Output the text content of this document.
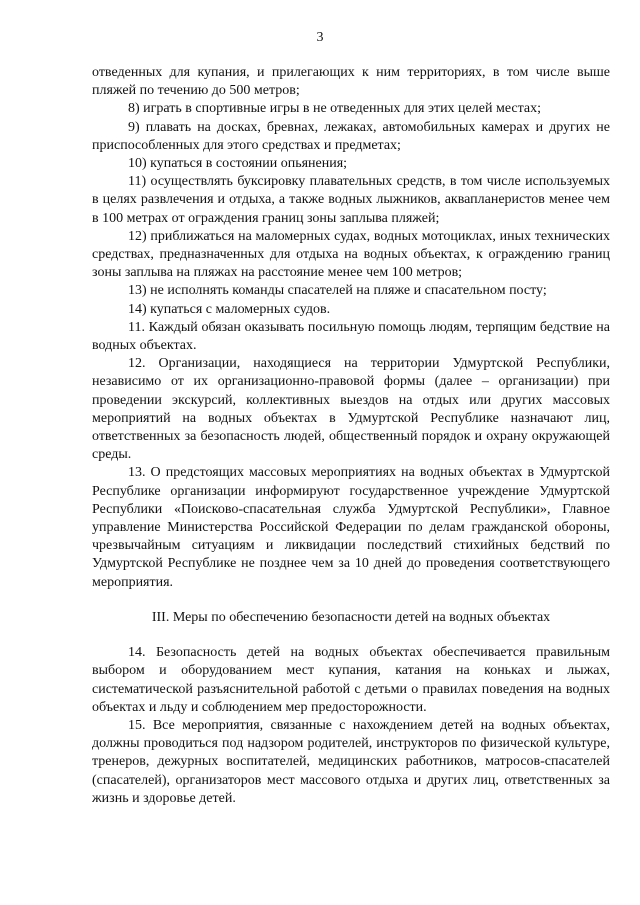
3

отведенных для купания, и прилегающих к ним территориях, в том числе выше пляжей по течению до 500 метров;

8) играть в спортивные игры в не отведенных для этих целей местах;

9) плавать на досках, бревнах, лежаках, автомобильных камерах и других не приспособленных для этого средствах и предметах;

10) купаться в состоянии опьянения;

11) осуществлять буксировку плавательных средств, в том числе используемых в целях развлечения и отдыха, а также водных лыжников, аквапланеристов менее чем в 100 метрах от ограждения границ зоны заплыва пляжей;

12) приближаться на маломерных судах, водных мотоциклах, иных технических средствах, предназначенных для отдыха на водных объектах, к ограждению границ зоны заплыва на пляжах на расстояние менее чем 100 метров;

13) не исполнять команды спасателей на пляже и спасательном посту;

14) купаться с маломерных судов.

11. Каждый обязан оказывать посильную помощь людям, терпящим бедствие на водных объектах.

12. Организации, находящиеся на территории Удмуртской Республики, независимо от их организационно-правовой формы (далее – организации) при проведении экскурсий, коллективных выездов на отдых или других массовых мероприятий на водных объектах в Удмуртской Республике назначают лиц, ответственных за безопасность людей, общественный порядок и охрану окружающей среды.

13. О предстоящих массовых мероприятиях на водных объектах в Удмуртской Республике организации информируют государственное учреждение Удмуртской Республики «Поисково-спасательная служба Удмуртской Республики», Главное управление Министерства Российской Федерации по делам гражданской обороны, чрезвычайным ситуациям и ликвидации последствий стихийных бедствий по Удмуртской Республике не позднее чем за 10 дней до проведения соответствующего мероприятия.

III. Меры по обеспечению безопасности детей на водных объектах

14. Безопасность детей на водных объектах обеспечивается правильным выбором и оборудованием мест купания, катания на коньках и лыжах, систематической разъяснительной работой с детьми о правилах поведения на водных объектах и льду и соблюдением мер предосторожности.

15. Все мероприятия, связанные с нахождением детей на водных объектах, должны проводиться под надзором родителей, инструкторов по физической культуре, тренеров, дежурных воспитателей, медицинских работников, матросов-спасателей (спасателей), организаторов мест массового отдыха и других лиц, ответственных за жизнь и здоровье детей.
